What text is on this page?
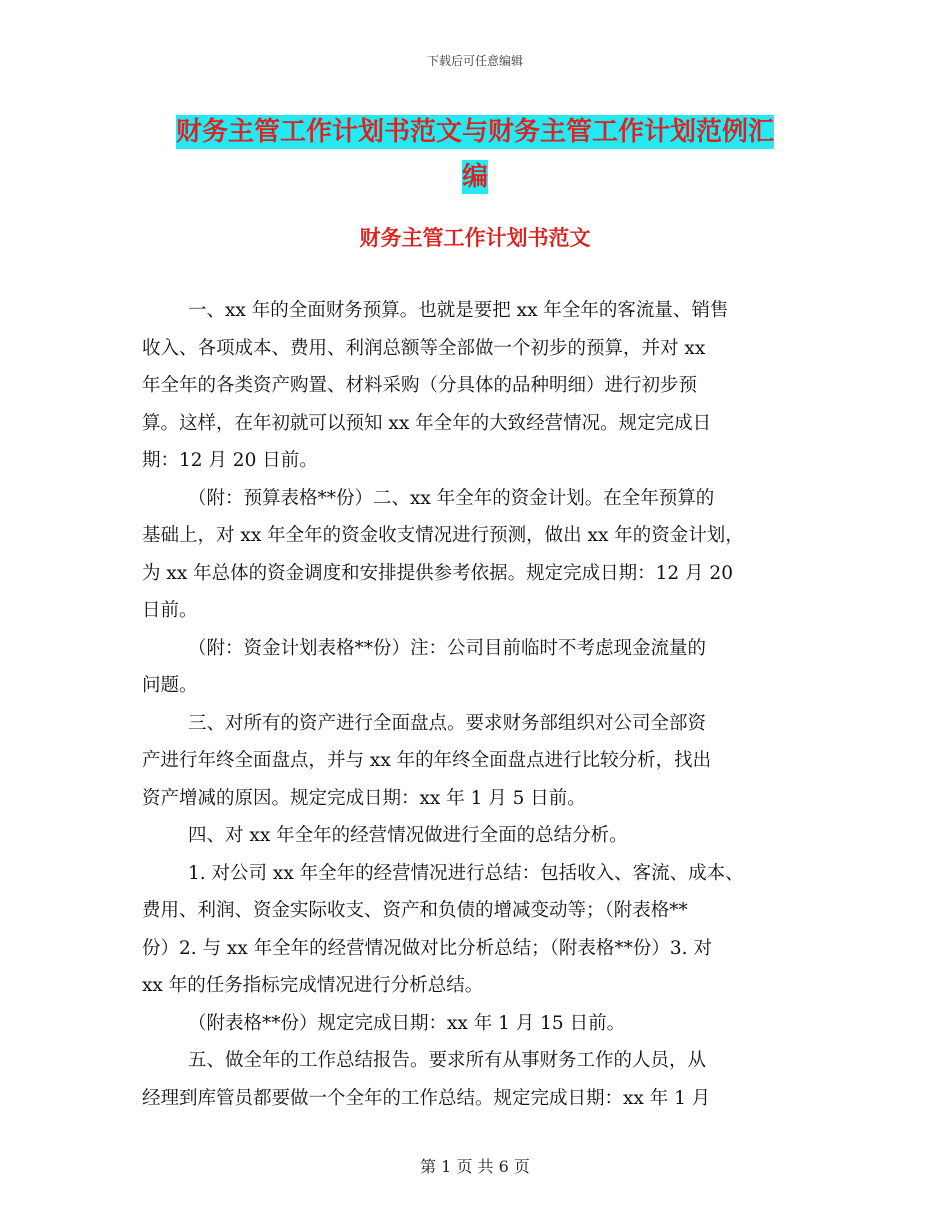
下载后可任意编辑
财务主管工作计划书范文与财务主管工作计划范例汇
编
财务主管工作计划书范文
一、xx 年的全面财务预算。也就是要把 xx 年全年的客流量、销售
收入、各项成本、费用、利润总额等全部做一个初步的预算，并对 xx
年全年的各类资产购置、材料采购（分具体的品种明细）进行初步预
算。这样，在年初就可以预知 xx 年全年的大致经营情况。规定完成日
期：12 月 20 日前。
（附：预算表格**份）二、xx 年全年的资金计划。在全年预算的
基础上，对 xx 年全年的资金收支情况进行预测，做出 xx 年的资金计划，
为 xx 年总体的资金调度和安排提供参考依据。规定完成日期：12 月 20
日前。
（附：资金计划表格**份）注：公司目前临时不考虑现金流量的
问题。
三、对所有的资产进行全面盘点。要求财务部组织对公司全部资
产进行年终全面盘点，并与 xx 年的年终全面盘点进行比较分析，找出
资产增减的原因。规定完成日期：xx 年 1 月 5 日前。
四、对 xx 年全年的经营情况做进行全面的总结分析。
1. 对公司 xx 年全年的经营情况进行总结：包括收入、客流、成本、
费用、利润、资金实际收支、资产和负债的增减变动等；（附表格**
份）2. 与 xx 年全年的经营情况做对比分析总结；（附表格**份）3. 对
xx 年的任务指标完成情况进行分析总结。
（附表格**份）规定完成日期：xx 年 1 月 15 日前。
五、做全年的工作总结报告。要求所有从事财务工作的人员，从
经理到库管员都要做一个全年的工作总结。规定完成日期：xx 年 1 月
第 1 页 共 6 页
